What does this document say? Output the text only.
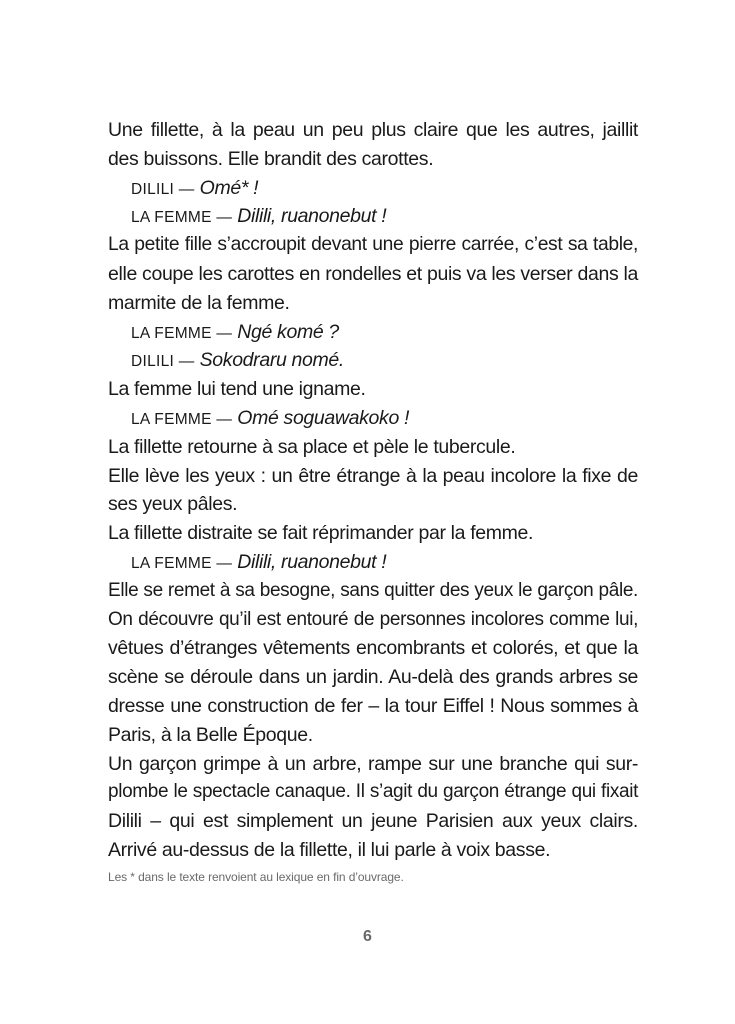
Une fillette, à la peau un peu plus claire que les autres, jaillit
des buissons. Elle brandit des carottes.
DILILI — Omé* !
LA FEMME — Dilili, ruanonebut !
La petite fille s’accroupit devant une pierre carrée, c’est sa table,
elle coupe les carottes en rondelles et puis va les verser dans la
marmite de la femme.
LA FEMME — Ngé komé ?
DILILI — Sokodraru nomé.
La femme lui tend une igname.
LA FEMME — Omé soguawakoko !
La fillette retourne à sa place et pèle le tubercule.
Elle lève les yeux : un être étrange à la peau incolore la fixe de
ses yeux pâles.
La fillette distraite se fait réprimander par la femme.
LA FEMME — Dilili, ruanonebut !
Elle se remet à sa besogne, sans quitter des yeux le garçon pâle.
On découvre qu’il est entouré de personnes incolores comme lui,
vêtues d’étranges vêtements encombrants et colorés, et que la
scène se déroule dans un jardin. Au-delà des grands arbres se
dresse une construction de fer – la tour Eiffel ! Nous sommes à
Paris, à la Belle Époque.
Un garçon grimpe à un arbre, rampe sur une branche qui sur-
plombe le spectacle canaque. Il s’agit du garçon étrange qui fixait
Dilili – qui est simplement un jeune Parisien aux yeux clairs.
Arrivé au-dessus de la fillette, il lui parle à voix basse.
Les * dans le texte renvoient au lexique en fin d’ouvrage.
6
